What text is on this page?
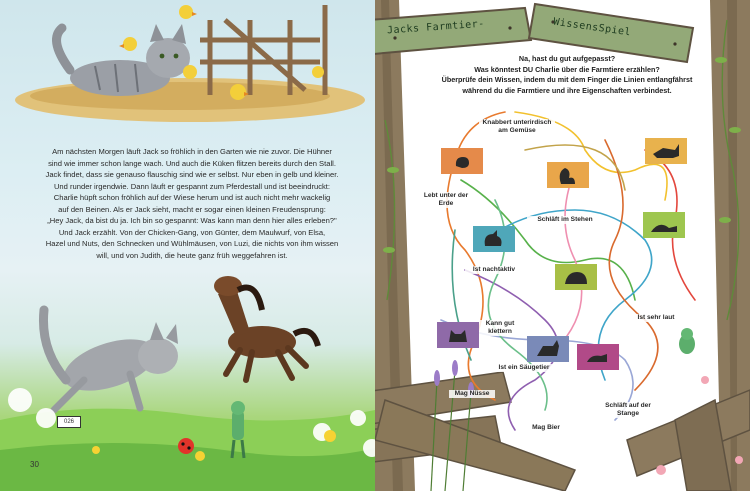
Am nächsten Morgen läuft Jack so fröhlich in den Garten wie nie zuvor. Die Hühner
sind wie immer schon lange wach. Und auch die Küken flitzen bereits durch den Stall.
Jack findet, dass sie genauso flauschig sind wie er selbst. Nur eben in gelb und kleiner.
Und runder irgendwie. Dann läuft er gespannt zum Pferdestall und ist beeindruckt:
Charlie hüpft schon fröhlich auf der Wiese herum und ist auch nicht mehr wackelig
auf den Beinen. Als er Jack sieht, macht er sogar einen kleinen Freudensprung:
„Hey Jack, da bist du ja. Ich bin so gespannt: Was kann man denn hier alles erleben?"
Und Jack erzählt. Von der Chicken-Gang, von Günter, dem Maulwurf, von Elsa,
Hazel und Nuts, den Schnecken und Wühlmäusen, von Luzi, die nichts von ihm wissen
will, und von Judith, die heute ganz früh weggefahren ist.

026
30
Jacks Farmtier-	WissensSpiel

Na, hast du gut aufgepasst?
Was könntest DU Charlie über die Farmtiere erzählen?
Überprüfe dein Wissen, indem du mit dem Finger die Linien entlangfährst
während du die Farmtiere und ihre Eigenschaften verbindest.

Knabbert unterirdisch am Gemüse
Lebt unter der Erde
Schläft im Stehen
Ist nachtaktiv
Ist sehr laut
Kann gut klettern
Ist ein Säugetier
Mag Nüsse
Schläft auf der Stange
Mag Bier
